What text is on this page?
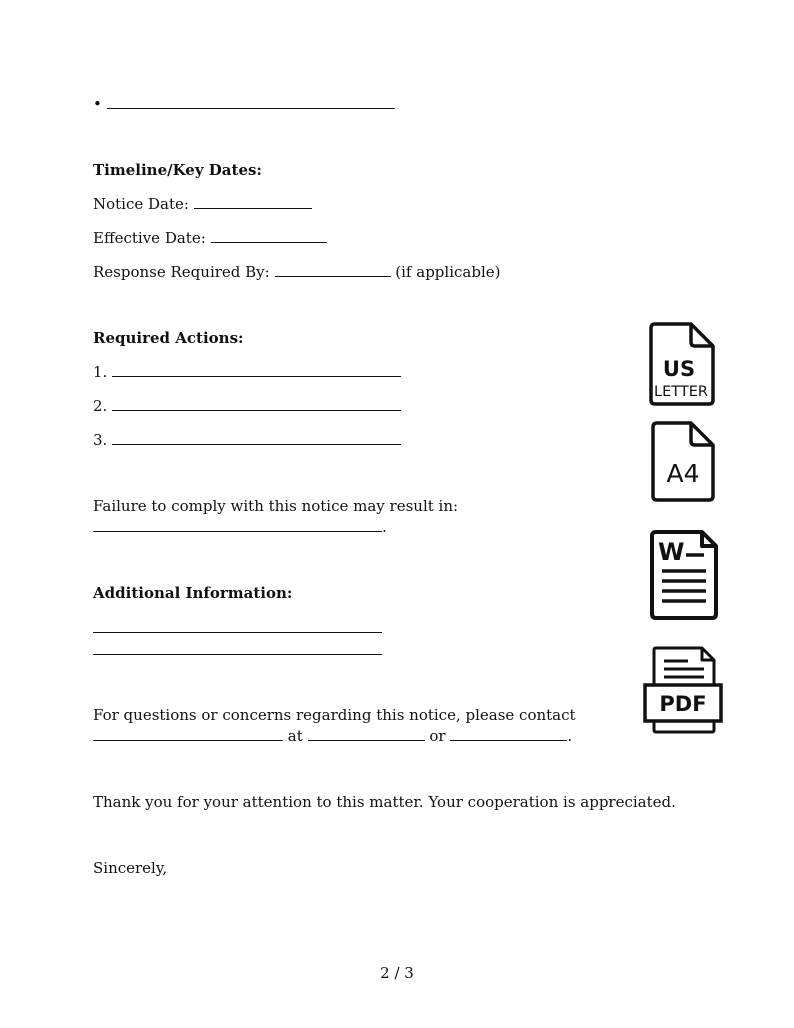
•
Timeline/Key Dates:
Notice Date:
Effective Date:
Response Required By:	(if applicable)
Required Actions:
1.
2.
3.
Failure to comply with this notice may result in:
.
Additional Information:
For questions or concerns regarding this notice, please contact
at	or	.
Thank you for your attention to this matter. Your cooperation is appreciated.
Sincerely,
2 / 3
US
LETTER
A4
W
PDF
